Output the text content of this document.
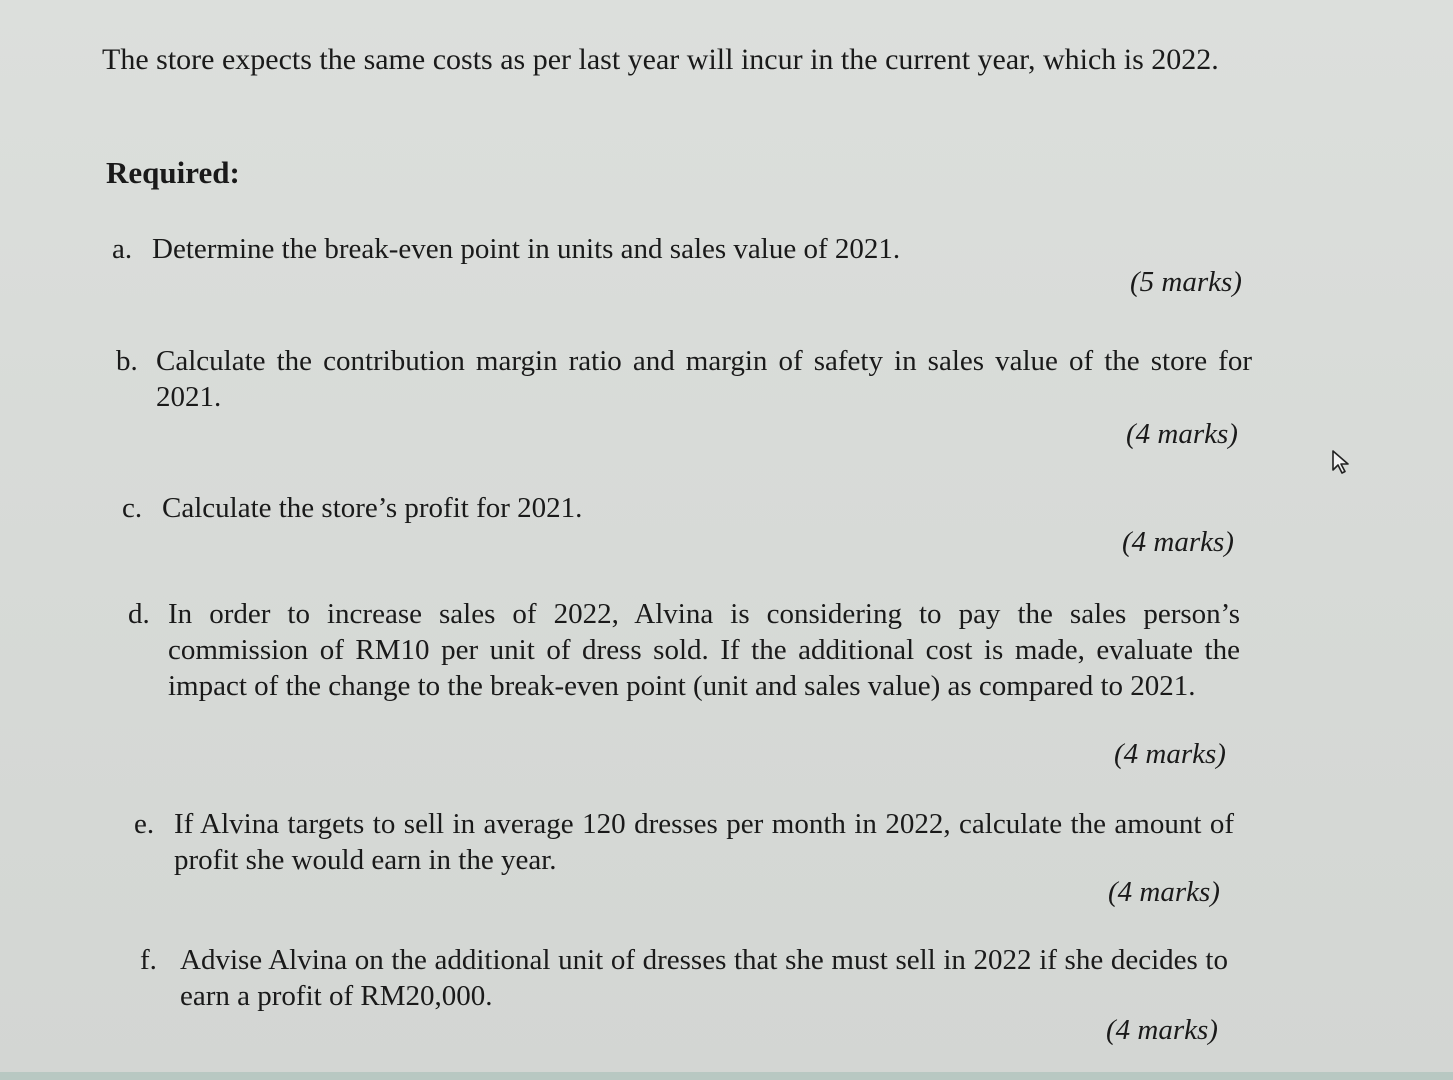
The store expects the same costs as per last year will incur in the current year, which is 2022.
Required:
a. Determine the break-even point in units and sales value of 2021.
(5 marks)
b. Calculate the contribution margin ratio and margin of safety in sales value of the store for 2021.
(4 marks)
c. Calculate the store’s profit for 2021.
(4 marks)
d. In order to increase sales of 2022, Alvina is considering to pay the sales person’s commission of RM10 per unit of dress sold. If the additional cost is made, evaluate the impact of the change to the break-even point (unit and sales value) as compared to 2021.
(4 marks)
e. If Alvina targets to sell in average 120 dresses per month in 2022, calculate the amount of profit she would earn in the year.
(4 marks)
f. Advise Alvina on the additional unit of dresses that she must sell in 2022 if she decides to earn a profit of RM20,000.
(4 marks)
